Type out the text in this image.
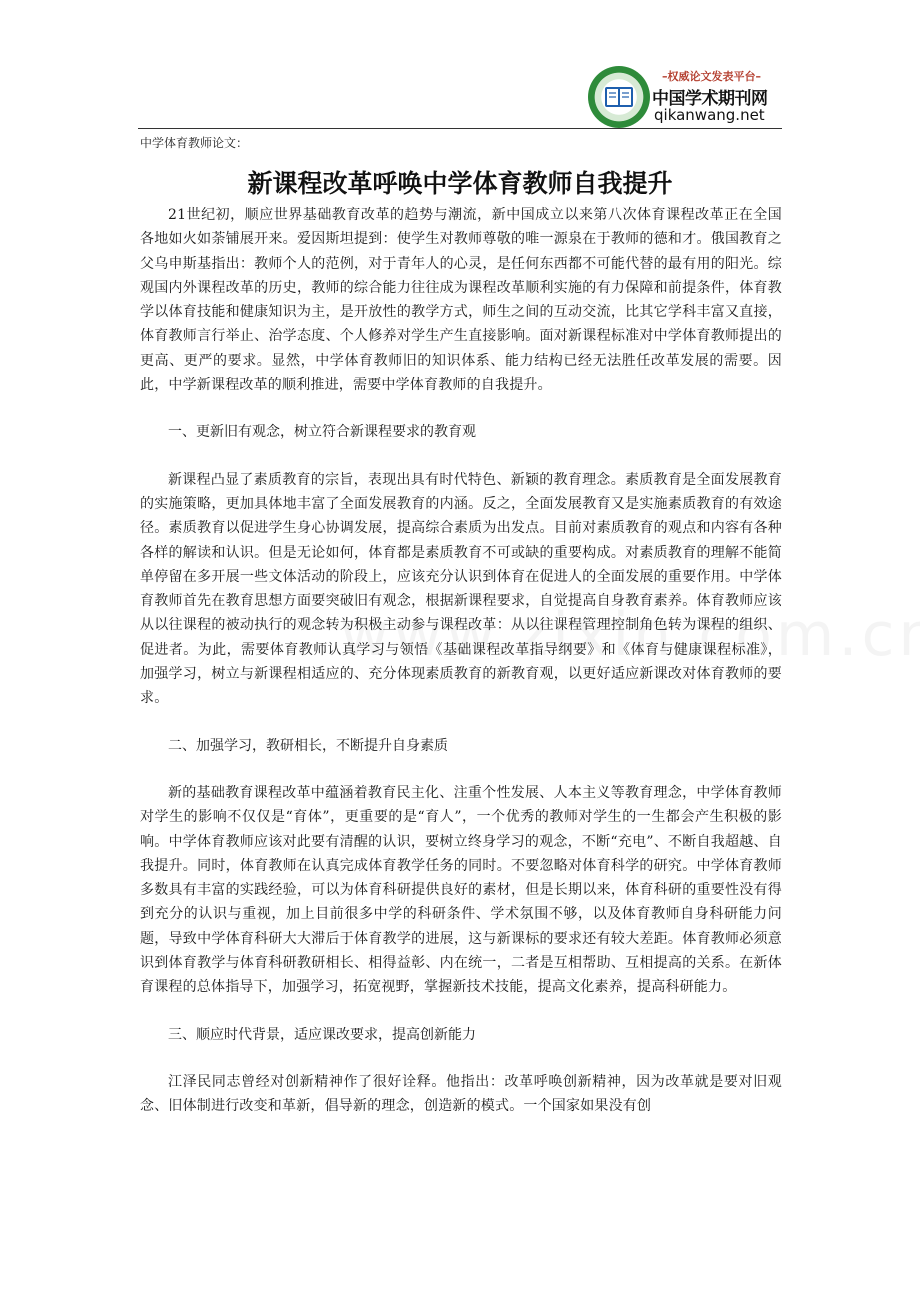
–权威论文发表平台–
中国学术期刊网
qikanwang.net
中学体育教师论文：
新课程改革呼唤中学体育教师自我提升

21世纪初，顺应世界基础教育改革的趋势与潮流，新中国成立以来第八次体育课程改革正在全国各地如火如荼铺展开来。爱因斯坦提到：使学生对教师尊敬的唯一源泉在于教师的德和才。俄国教育之父乌申斯基指出：教师个人的范例，对于青年人的心灵，是任何东西都不可能代替的最有用的阳光。综观国内外课程改革的历史，教师的综合能力往往成为课程改革顺利实施的有力保障和前提条件，体育教学以体育技能和健康知识为主，是开放性的教学方式，师生之间的互动交流，比其它学科丰富又直接，体育教师言行举止、治学态度、个人修养对学生产生直接影响。面对新课程标准对中学体育教师提出的更高、更严的要求。显然，中学体育教师旧的知识体系、能力结构已经无法胜任改革发展的需要。因此，中学新课程改革的顺利推进，需要中学体育教师的自我提升。

一、更新旧有观念，树立符合新课程要求的教育观

新课程凸显了素质教育的宗旨，表现出具有时代特色、新颖的教育理念。素质教育是全面发展教育的实施策略，更加具体地丰富了全面发展教育的内涵。反之，全面发展教育又是实施素质教育的有效途径。素质教育以促进学生身心协调发展，提高综合素质为出发点。目前对素质教育的观点和内容有各种各样的解读和认识。但是无论如何，体育都是素质教育不可或缺的重要构成。对素质教育的理解不能简单停留在多开展一些文体活动的阶段上，应该充分认识到体育在促进人的全面发展的重要作用。中学体育教师首先在教育思想方面要突破旧有观念，根据新课程要求，自觉提高自身教育素养。体育教师应该从以往课程的被动执行的观念转为积极主动参与课程改革：从以往课程管理控制角色转为课程的组织、促进者。为此，需要体育教师认真学习与领悟《基础课程改革指导纲要》和《体育与健康课程标准》，加强学习，树立与新课程相适应的、充分体现素质教育的新教育观，以更好适应新课改对体育教师的要求。

二、加强学习，教研相长，不断提升自身素质

新的基础教育课程改革中蕴涵着教育民主化、注重个性发展、人本主义等教育理念，中学体育教师对学生的影响不仅仅是“育体”，更重要的是“育人”，一个优秀的教师对学生的一生都会产生积极的影响。中学体育教师应该对此要有清醒的认识，要树立终身学习的观念，不断“充电”、不断自我超越、自我提升。同时，体育教师在认真完成体育教学任务的同时。不要忽略对体育科学的研究。中学体育教师多数具有丰富的实践经验，可以为体育科研提供良好的素材，但是长期以来，体育科研的重要性没有得到充分的认识与重视，加上目前很多中学的科研条件、学术氛围不够，以及体育教师自身科研能力问题，导致中学体育科研大大滞后于体育教学的进展，这与新课标的要求还有较大差距。体育教师必须意识到体育教学与体育科研教研相长、相得益彰、内在统一，二者是互相帮助、互相提高的关系。在新体育课程的总体指导下，加强学习，拓宽视野，掌握新技术技能，提高文化素养，提高科研能力。

三、顺应时代背景，适应课改要求，提高创新能力

江泽民同志曾经对创新精神作了很好诠释。他指出：改革呼唤创新精神，因为改革就是要对旧观念、旧体制进行改变和革新，倡导新的理念，创造新的模式。一个国家如果没有创
